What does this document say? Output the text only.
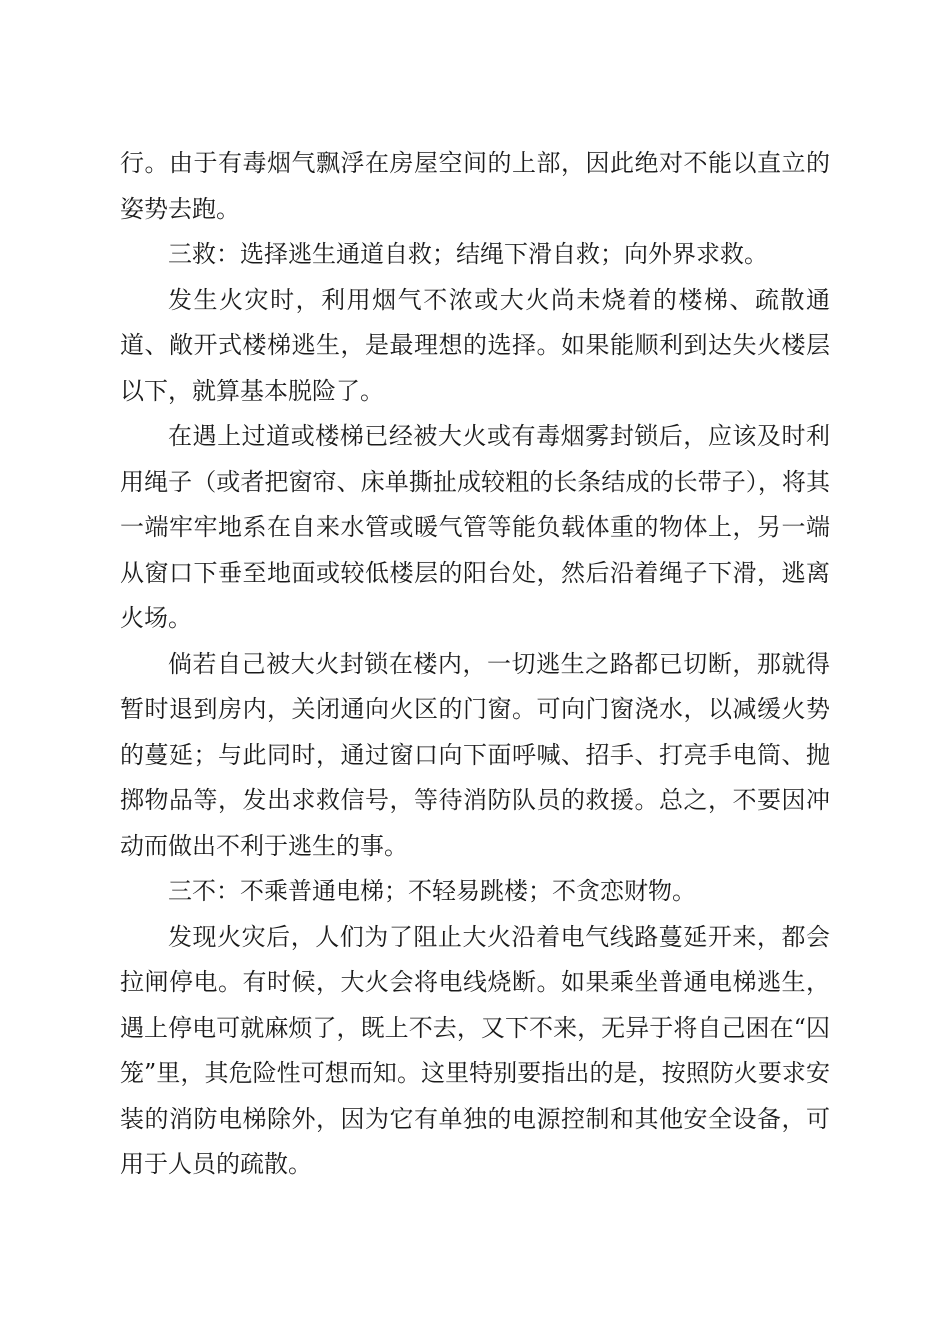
行。由于有毒烟气飘浮在房屋空间的上部，因此绝对不能以直立的姿势去跑。

三救：选择逃生通道自救；结绳下滑自救；向外界求救。

发生火灾时，利用烟气不浓或大火尚未烧着的楼梯、疏散通道、敞开式楼梯逃生，是最理想的选择。如果能顺利到达失火楼层以下，就算基本脱险了。

在遇上过道或楼梯已经被大火或有毒烟雾封锁后，应该及时利用绳子（或者把窗帘、床单撕扯成较粗的长条结成的长带子），将其一端牢牢地系在自来水管或暖气管等能负载体重的物体上，另一端从窗口下垂至地面或较低楼层的阳台处，然后沿着绳子下滑，逃离火场。

倘若自己被大火封锁在楼内，一切逃生之路都已切断，那就得暂时退到房内，关闭通向火区的门窗。可向门窗浇水，以减缓火势的蔓延；与此同时，通过窗口向下面呼喊、招手、打亮手电筒、抛掷物品等，发出求救信号，等待消防队员的救援。总之，不要因冲动而做出不利于逃生的事。

三不：不乘普通电梯；不轻易跳楼；不贪恋财物。

发现火灾后，人们为了阻止大火沿着电气线路蔓延开来，都会拉闸停电。有时候，大火会将电线烧断。如果乘坐普通电梯逃生，遇上停电可就麻烦了，既上不去，又下不来，无异于将自己困在“囚笼”里，其危险性可想而知。这里特别要指出的是，按照防火要求安装的消防电梯除外，因为它有单独的电源控制和其他安全设备，可用于人员的疏散。
